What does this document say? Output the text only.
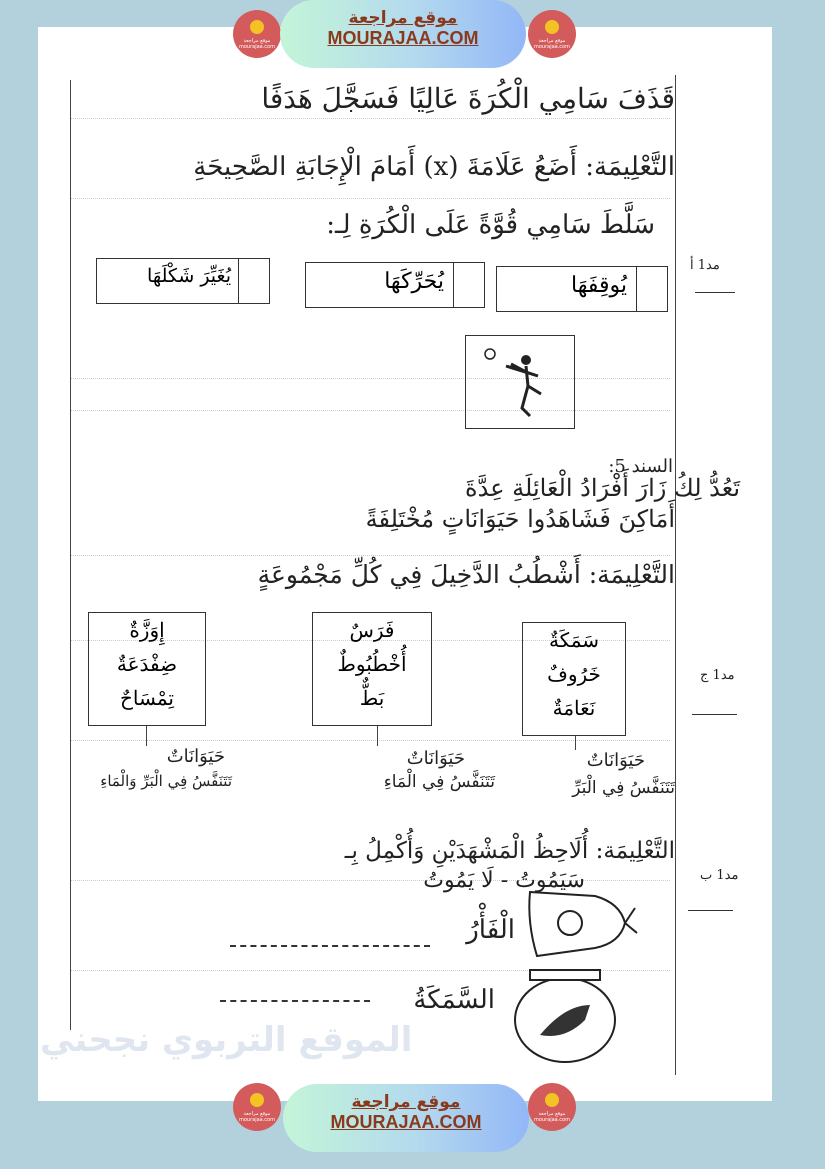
موقع مراجعة mourajaa.com
موقع مراجعة
MOURAJAA.COM	موقع مراجعة mourajaa.com
قَذَفَ سَامِي الْكُرَةَ عَالِيًا فَسَجَّلَ هَدَفًا
التَّعْلِيمَة: أَضَعُ عَلَامَةَ (x) أَمَامَ الْإِجَابَةِ الصَّحِيحَةِ
سَلَّطَ سَامِي قُوَّةً عَلَى الْكُرَةِ لِـ:
مد1 أ
يُوقِفَهَا
يُحَرِّكَهَا
يُغَيِّرَ شَكْلَهَا
السند 5:
تَعُدُّ لِكُ زَارَ أَفْرَادُ الْعَائِلَةِ عِدَّةَ
أَمَاكِنَ فَشَاهَدُوا حَيَوَانَاتٍ مُخْتَلِفَةً
التَّعْلِيمَة: أَشْطُبُ الدَّخِيلَ فِي كُلِّ مَجْمُوعَةٍ
مد1 ج
سَمَكَةٌ
خَرُوفٌ
نَعَامَةٌ
فَرَسٌ
أُخْطُبُوطٌ
بَطٌّ
إِوَزَّةٌ
ضِفْدَعَةٌ
تِمْسَاحٌ
حَيَوَانَاتٌ
تَتَنَفَّسُ فِي الْبَرِّ
حَيَوَانَاتٌ
تَتَنَفَّسُ فِي الْمَاءِ
حَيَوَانَاتٌ
تَتَنَفَّسُ فِي الْبَرِّ وَالْمَاءِ
التَّعْلِيمَة: أُلَاحِظُ الْمَشْهَدَيْنِ وَأُكْمِلُ بِـ
سَيَمُوتُ - لَا يَمُوتُ	مد1 ب
الْفَأْرُ
السَّمَكَةُ
الموقع التربوي نجحني
موقع مراجعة mourajaa.com
موقع مراجعة
MOURAJAA.COM	موقع مراجعة mourajaa.com
